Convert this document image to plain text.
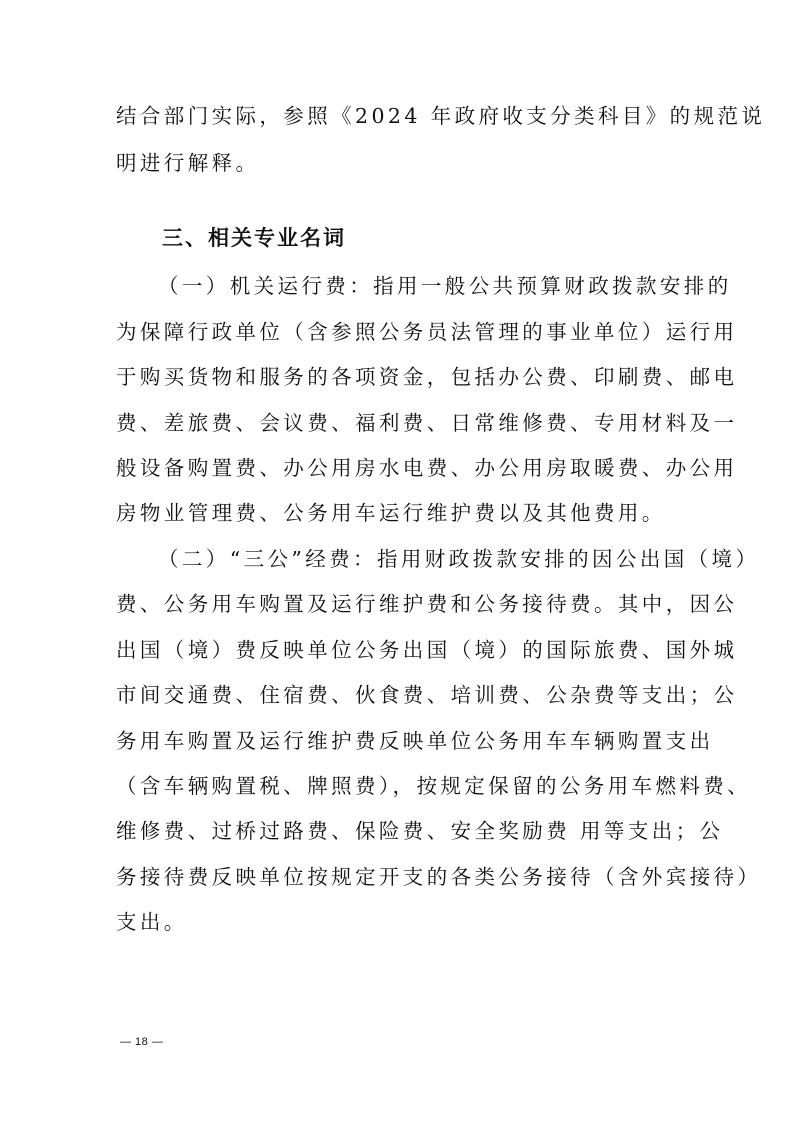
结合部门实际，参照《2024 年政府收支分类科目》的规范说
明进行解释。
三、相关专业名词
（一）机关运行费：指用一般公共预算财政拨款安排的
为保障行政单位（含参照公务员法管理的事业单位）运行用
于购买货物和服务的各项资金，包括办公费、印刷费、邮电
费、差旅费、会议费、福利费、日常维修费、专用材料及一
般设备购置费、办公用房水电费、办公用房取暖费、办公用
房物业管理费、公务用车运行维护费以及其他费用。
（二）“三公”经费：指用财政拨款安排的因公出国（境）
费、公务用车购置及运行维护费和公务接待费。其中，因公
出国（境）费反映单位公务出国（境）的国际旅费、国外城
市间交通费、住宿费、伙食费、培训费、公杂费等支出；公
务用车购置及运行维护费反映单位公务用车车辆购置支出
（含车辆购置税、牌照费），按规定保留的公务用车燃料费、
维修费、过桥过路费、保险费、安全奖励费 用等支出；公
务接待费反映单位按规定开支的各类公务接待（含外宾接待）
支出。
— 18 —
